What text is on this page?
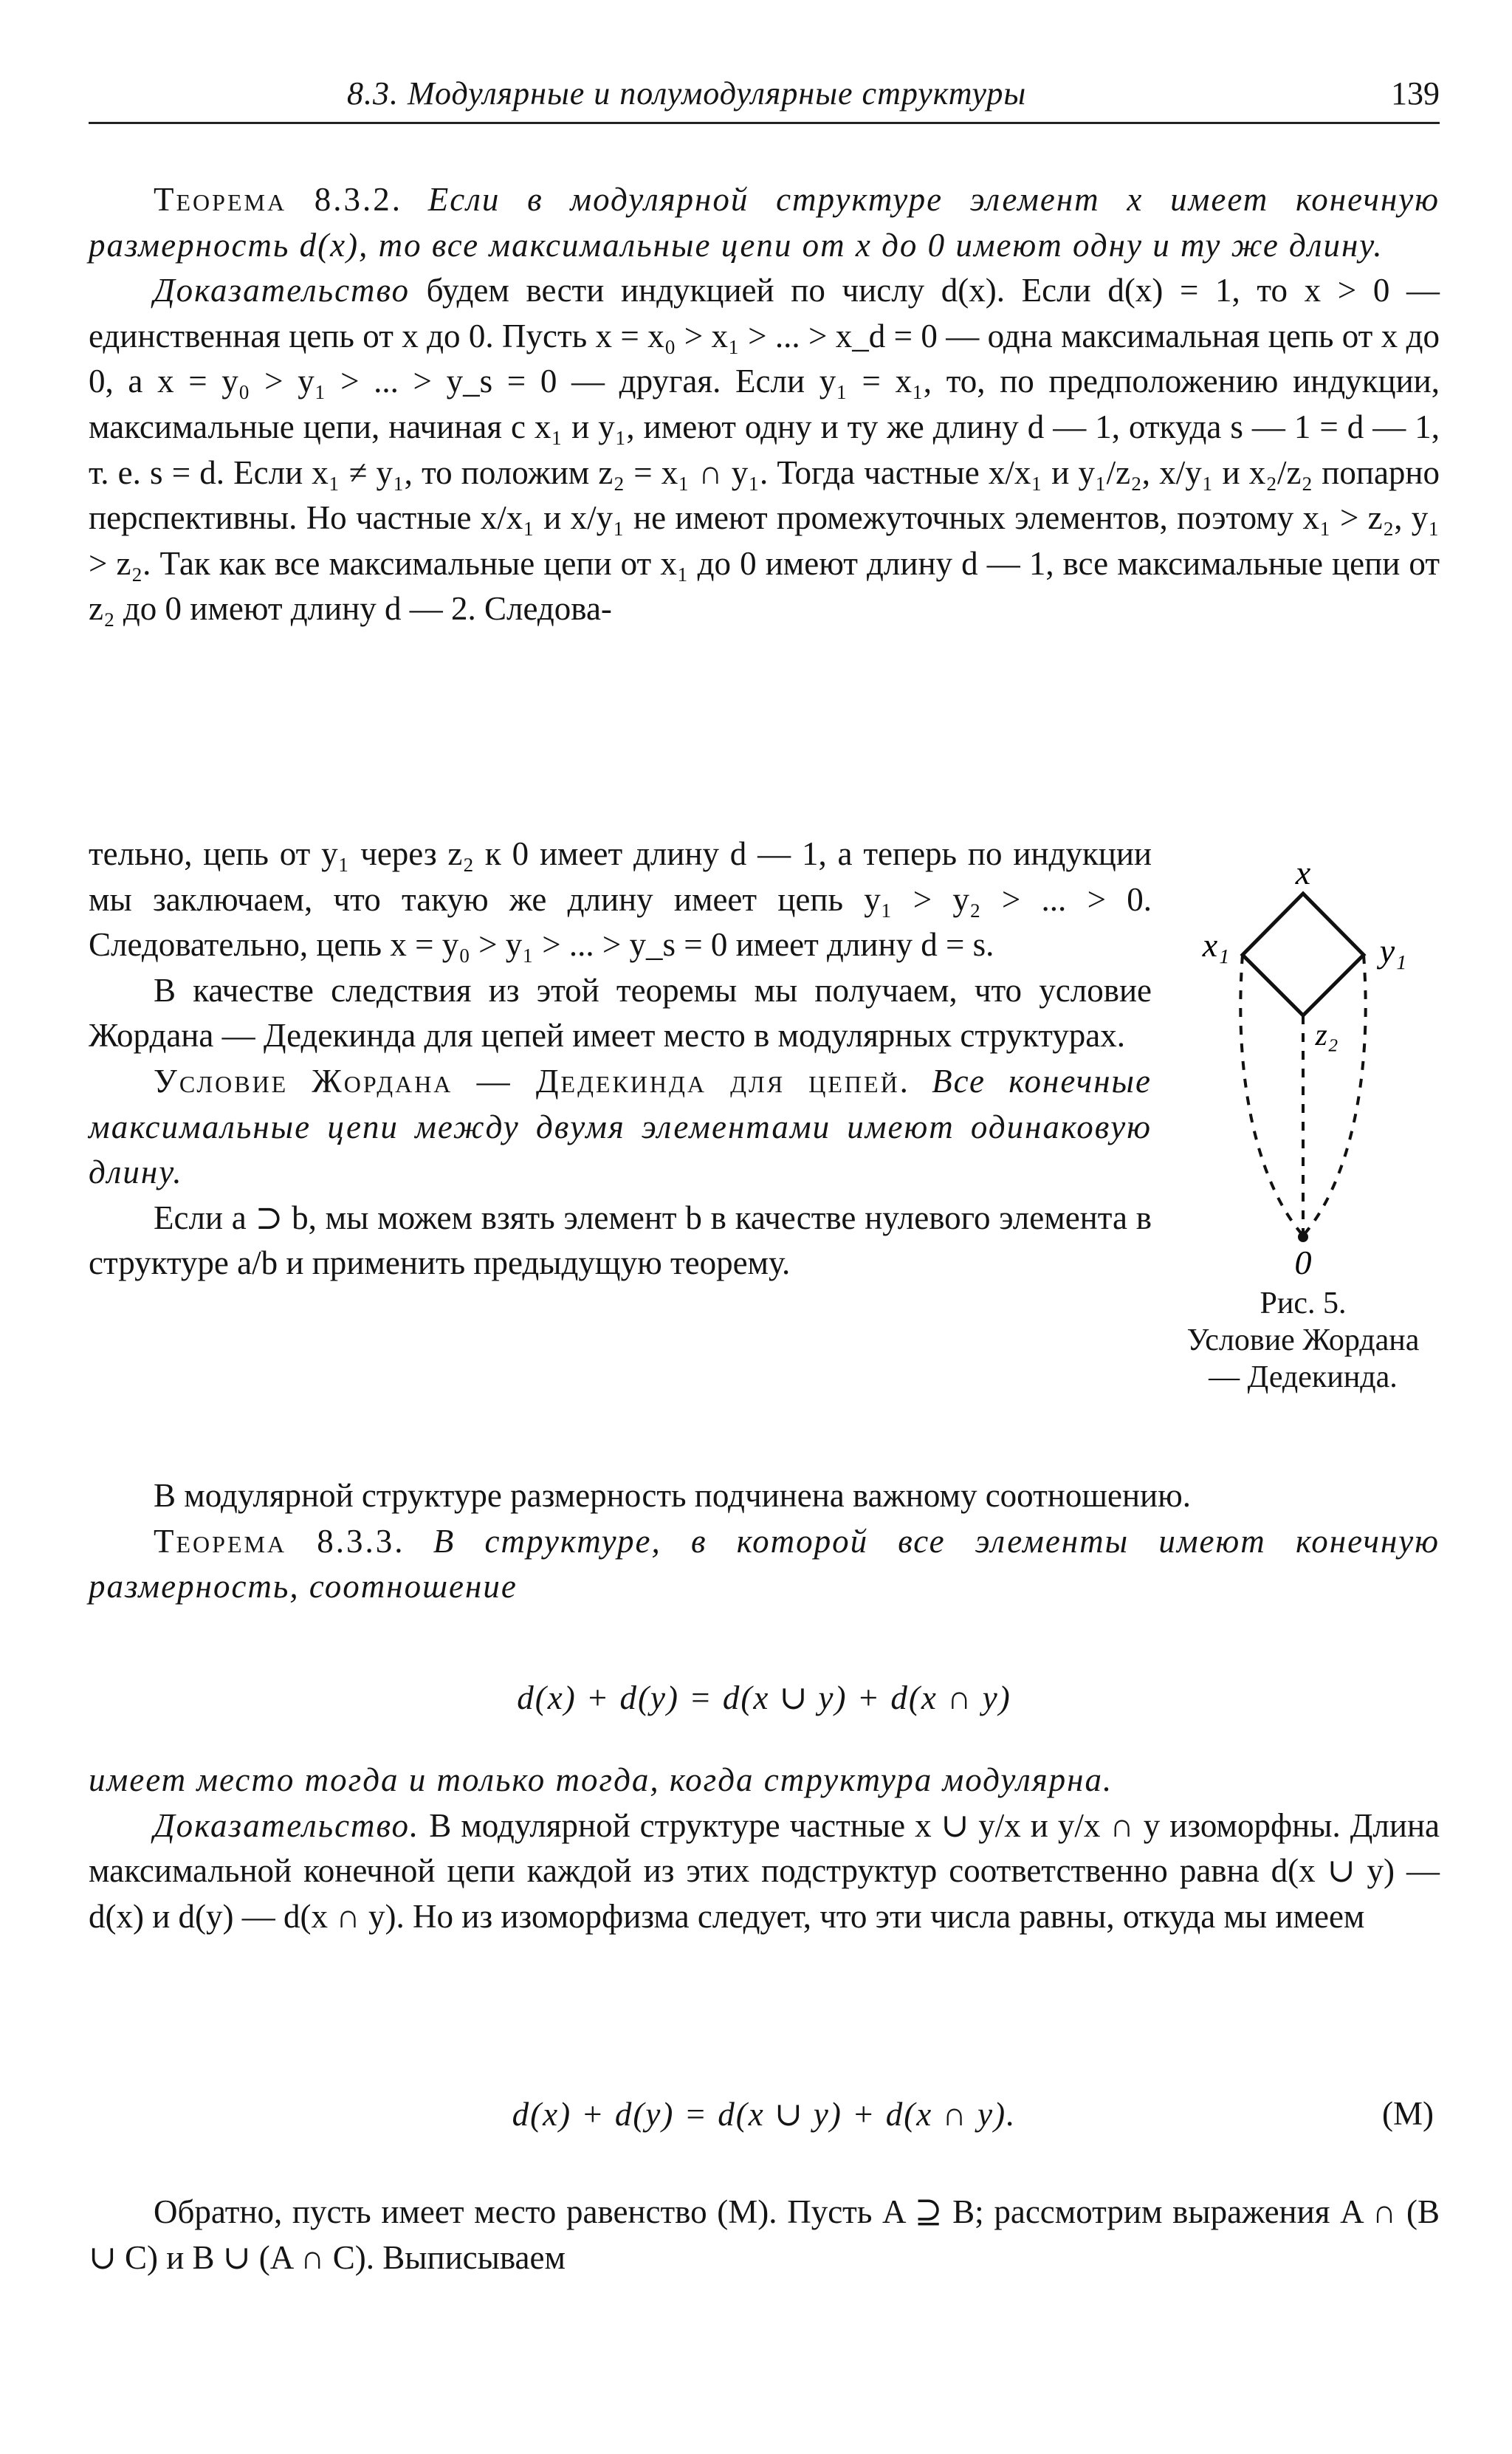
8.3. Модулярные и полумодулярные структуры	139

Теорема 8.3.2. Если в модулярной структуре элемент x имеет конечную размерность d(x), то все максимальные цепи от x до 0 имеют одну и ту же длину.

Доказательство будем вести индукцией по числу d(x). Если d(x) = 1, то x > 0 — единственная цепь от x до 0. Пусть x = x₀ > x₁ > ... > x_d = 0 — одна максимальная цепь от x до 0, а x = y₀ > y₁ > ... > y_s = 0 — другая. Если y₁ = x₁, то, по предположению индукции, максимальные цепи, начиная с x₁ и y₁, имеют одну и ту же длину d — 1, откуда s — 1 = d — 1, т. е. s = d. Если x₁ ≠ y₁, то положим z₂ = x₁ ∩ y₁. Тогда частные x/x₁ и y₁/z₂, x/y₁ и x₂/z₂ попарно перспективны. Но частные x/x₁ и x/y₁ не имеют промежуточных элементов, поэтому x₁ > z₂, y₁ > z₂. Так как все максимальные цепи от x₁ до 0 имеют длину d — 1, все максимальные цепи от z₂ до 0 имеют длину d — 2. Следова-

тельно, цепь от y₁ через z₂ к 0 имеет длину d — 1, а теперь по индукции мы заключаем, что такую же длину имеет цепь y₁ > y₂ > ... > 0. Следовательно, цепь x = y₀ > y₁ > ... > y_s = 0 имеет длину d = s.

В качестве следствия из этой теоремы мы получаем, что условие Жордана — Дедекинда для цепей имеет место в модулярных структурах.

Условие Жордана — Дедекинда для цепей. Все конечные максимальные цепи между двумя элементами имеют одинаковую длину.

Если a ⊃ b, мы можем взять элемент b в качестве нулевого элемента в структуре a/b и применить предыдущую теорему.

В модулярной структуре размерность подчинена важному соотношению.

Теорема 8.3.3. В структуре, в которой все элементы имеют конечную размерность, соотношение

d(x) + d(y) = d(x ∪ y) + d(x ∩ y)

имеет место тогда и только тогда, когда структура модулярна.

Доказательство. В модулярной структуре частные x ∪ y/x и y/x ∩ y изоморфны. Длина максимальной конечной цепи каждой из этих подструктур соответственно равна d(x ∪ y) — d(x) и d(y) — d(x ∩ y). Но из изоморфизма следует, что эти числа равны, откуда мы имеем

d(x) + d(y) = d(x ∪ y) + d(x ∩ y).	(M)

Обратно, пусть имеет место равенство (M). Пусть A ⊇ B; рассмотрим выражения A ∩ (B ∪ C) и B ∪ (A ∩ C). Выписываем

x
x₁	y₁
z₂
0
Рис. 5.
Условие Жордана — Дедекинда.
